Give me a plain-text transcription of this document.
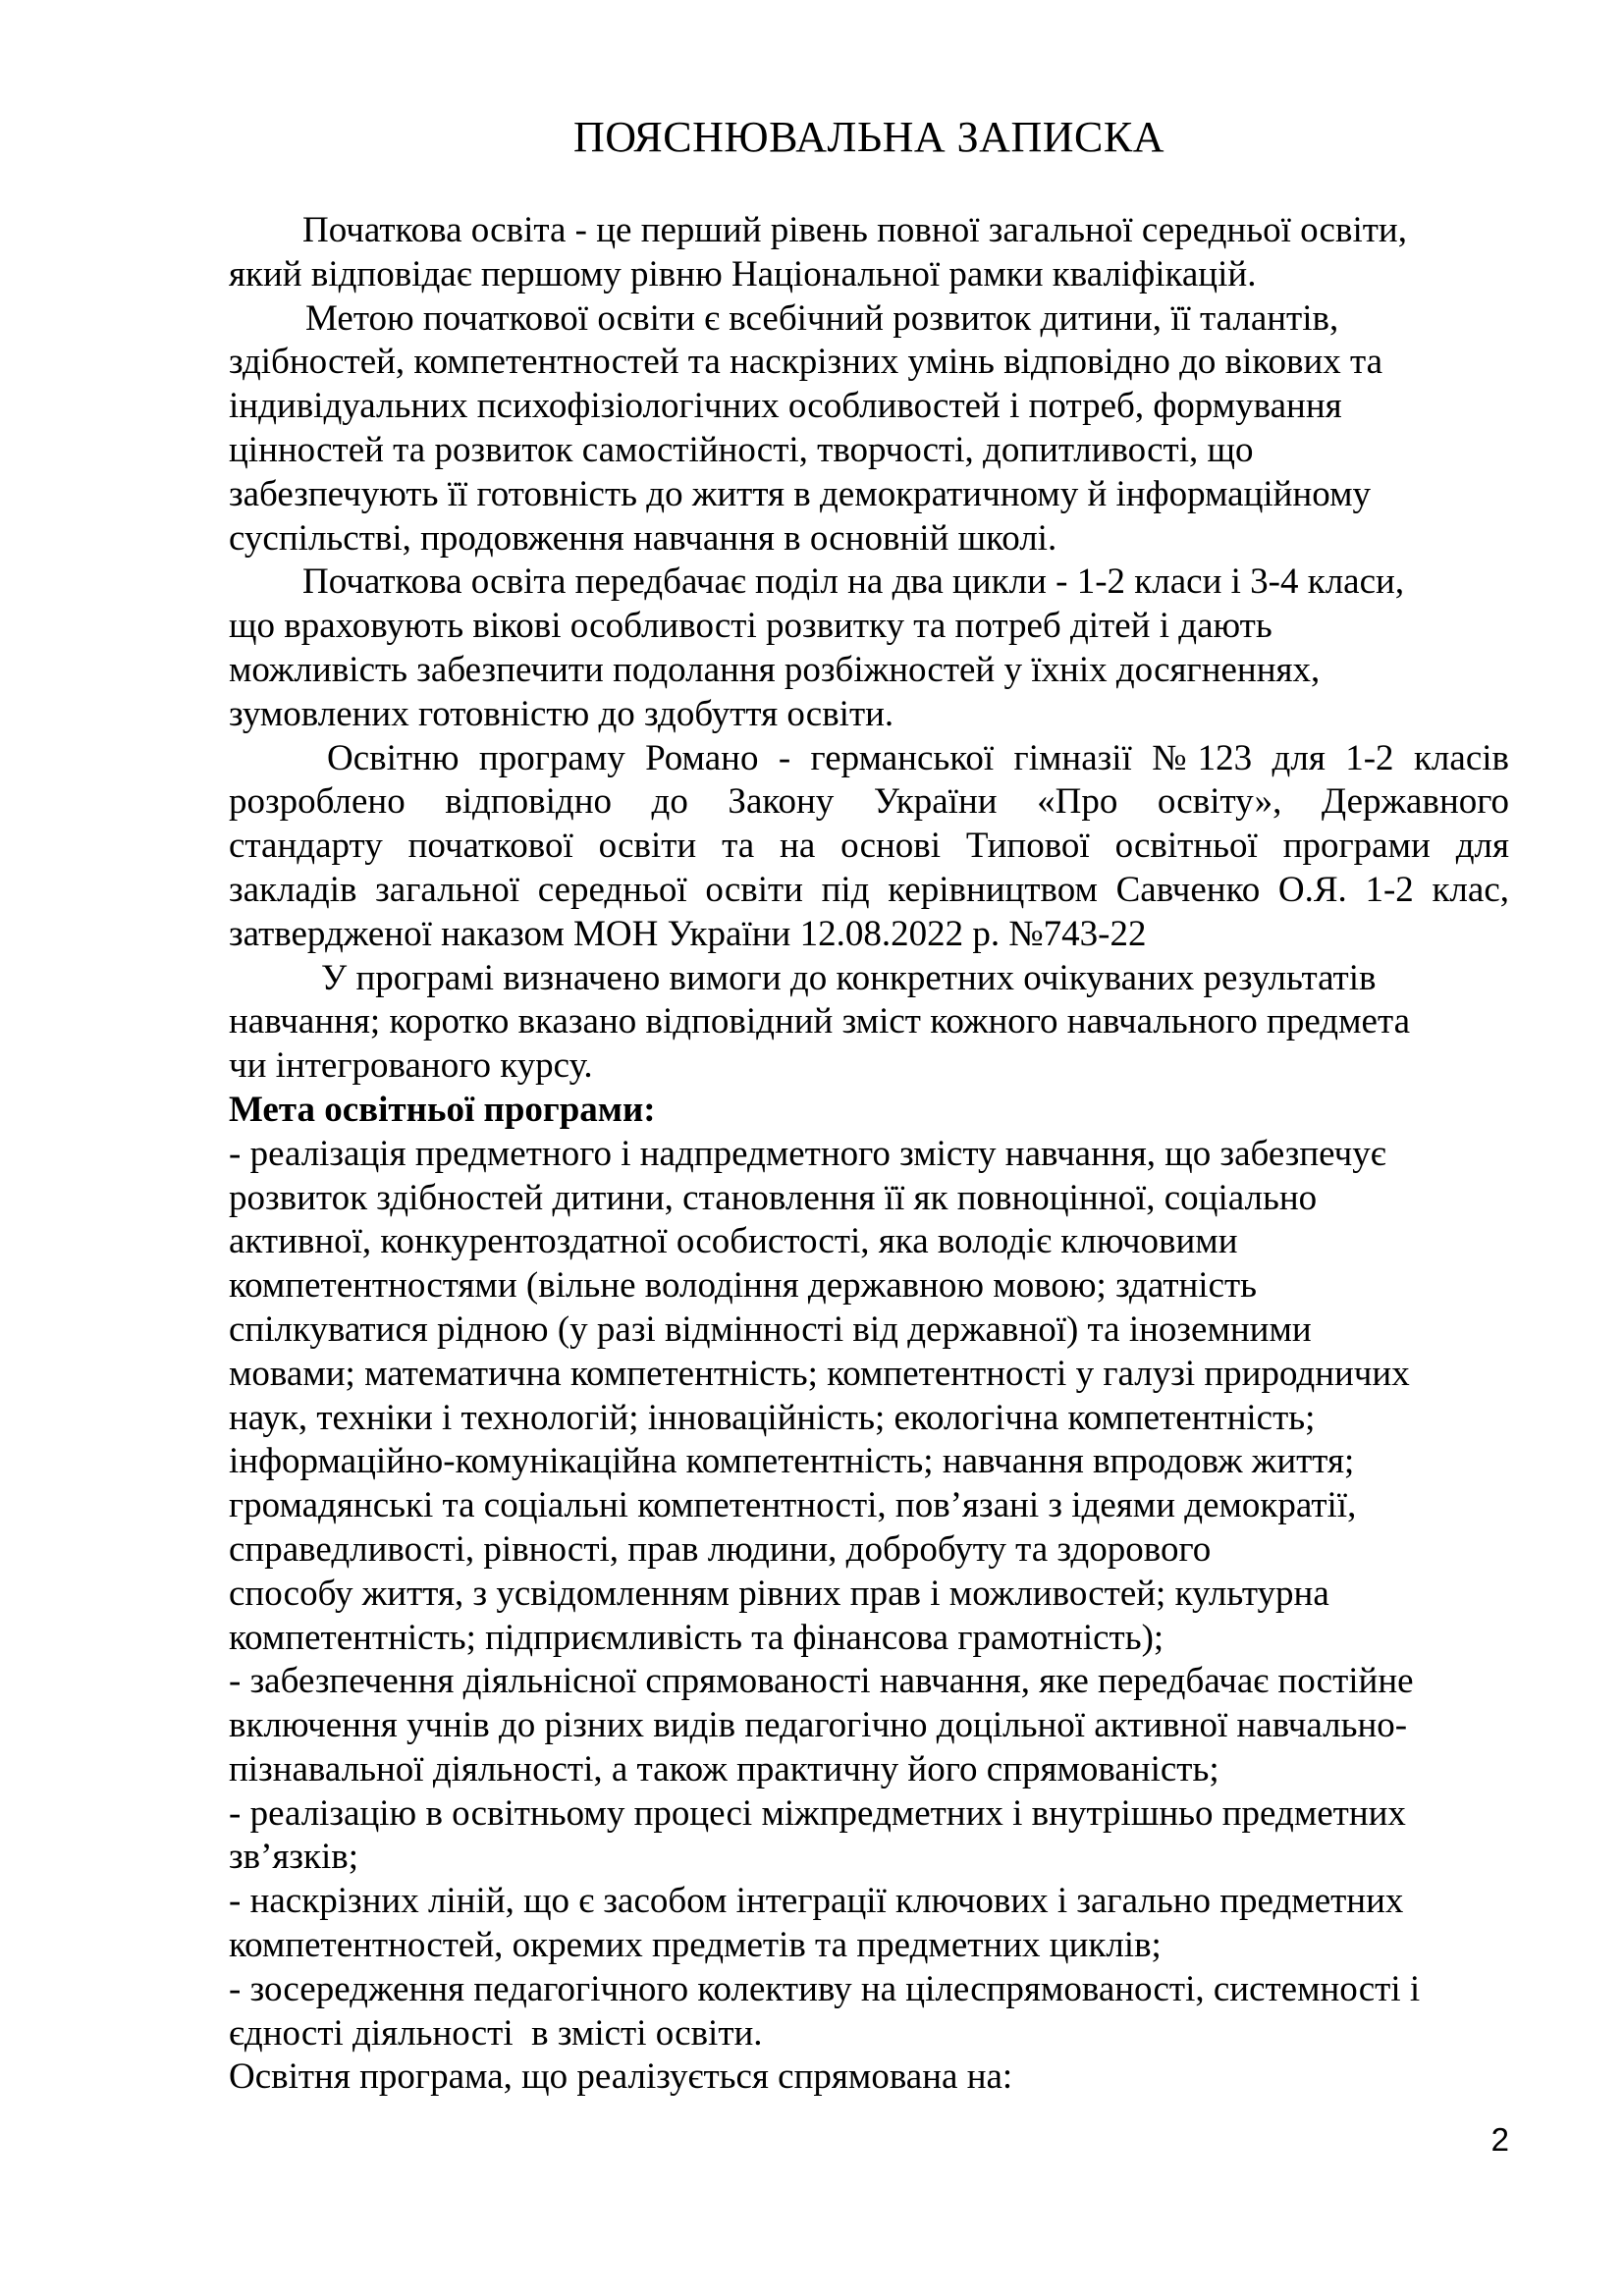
ПОЯСНЮВАЛЬНА ЗАПИСКА
Початкова освіта - це перший рівень повної загальної середньої освіти,
який відповідає першому рівню Національної рамки кваліфікацій.
Метою початкової освіти є всебічний розвиток дитини, її талантів,
здібностей, компетентностей та наскрізних умінь відповідно до вікових та
індивідуальних психофізіологічних особливостей і потреб, формування
цінностей та розвиток самостійності, творчості, допитливості, що
забезпечують її готовність до життя в демократичному й інформаційному
суспільстві, продовження навчання в основній школі.
Початкова освіта передбачає поділ на два цикли - 1-2 класи і 3-4 класи,
що враховують вікові особливості розвитку та потреб дітей і дають
можливість забезпечити подолання розбіжностей у їхніх досягненнях,
зумовлених готовністю до здобуття освіти.
Освітню програму Романо - германської гімназії №123 для 1-2 класів
розроблено відповідно до Закону України «Про освіту», Державного
стандарту початкової освіти та на основі Типової освітньої програми для
закладів загальної середньої освіти під керівництвом Савченко О.Я. 1-2 клас,
затвердженої наказом МОН України 12.08.2022 р. №743-22
У програмі визначено вимоги до конкретних очікуваних результатів
навчання; коротко вказано відповідний зміст кожного навчального предмета
чи інтегрованого курсу.
Мета освітньої програми:
- реалізація предметного і надпредметного змісту навчання, що забезпечує
розвиток здібностей дитини, становлення її як повноцінної, соціально
активної, конкурентоздатної особистості, яка володіє ключовими
компетентностями (вільне володіння державною мовою; здатність
спілкуватися рідною (у разі відмінності від державної) та іноземними
мовами; математична компетентність; компетентності у галузі природничих
наук, техніки і технологій; інноваційність; екологічна компетентність;
інформаційно-комунікаційна компетентність; навчання впродовж життя;
громадянські та соціальні компетентності, пов’язані з ідеями демократії,
справедливості, рівності, прав людини, добробуту та здорового
способу життя, з усвідомленням рівних прав і можливостей; культурна
компетентність; підприємливість та фінансова грамотність);
- забезпечення діяльнісної спрямованості навчання, яке передбачає постійне
включення учнів до різних видів педагогічно доцільної активної навчально-
пізнавальної діяльності, а також практичну його спрямованість;
- реалізацію в освітньому процесі міжпредметних і внутрішньо предметних
зв’язків;
- наскрізних ліній, що є засобом інтеграції ключових і загально предметних
компетентностей, окремих предметів та предметних циклів;
- зосередження педагогічного колективу на цілеспрямованості, системності і
єдності діяльності  в змісті освіти.
Освітня програма, що реалізується спрямована на:
2
